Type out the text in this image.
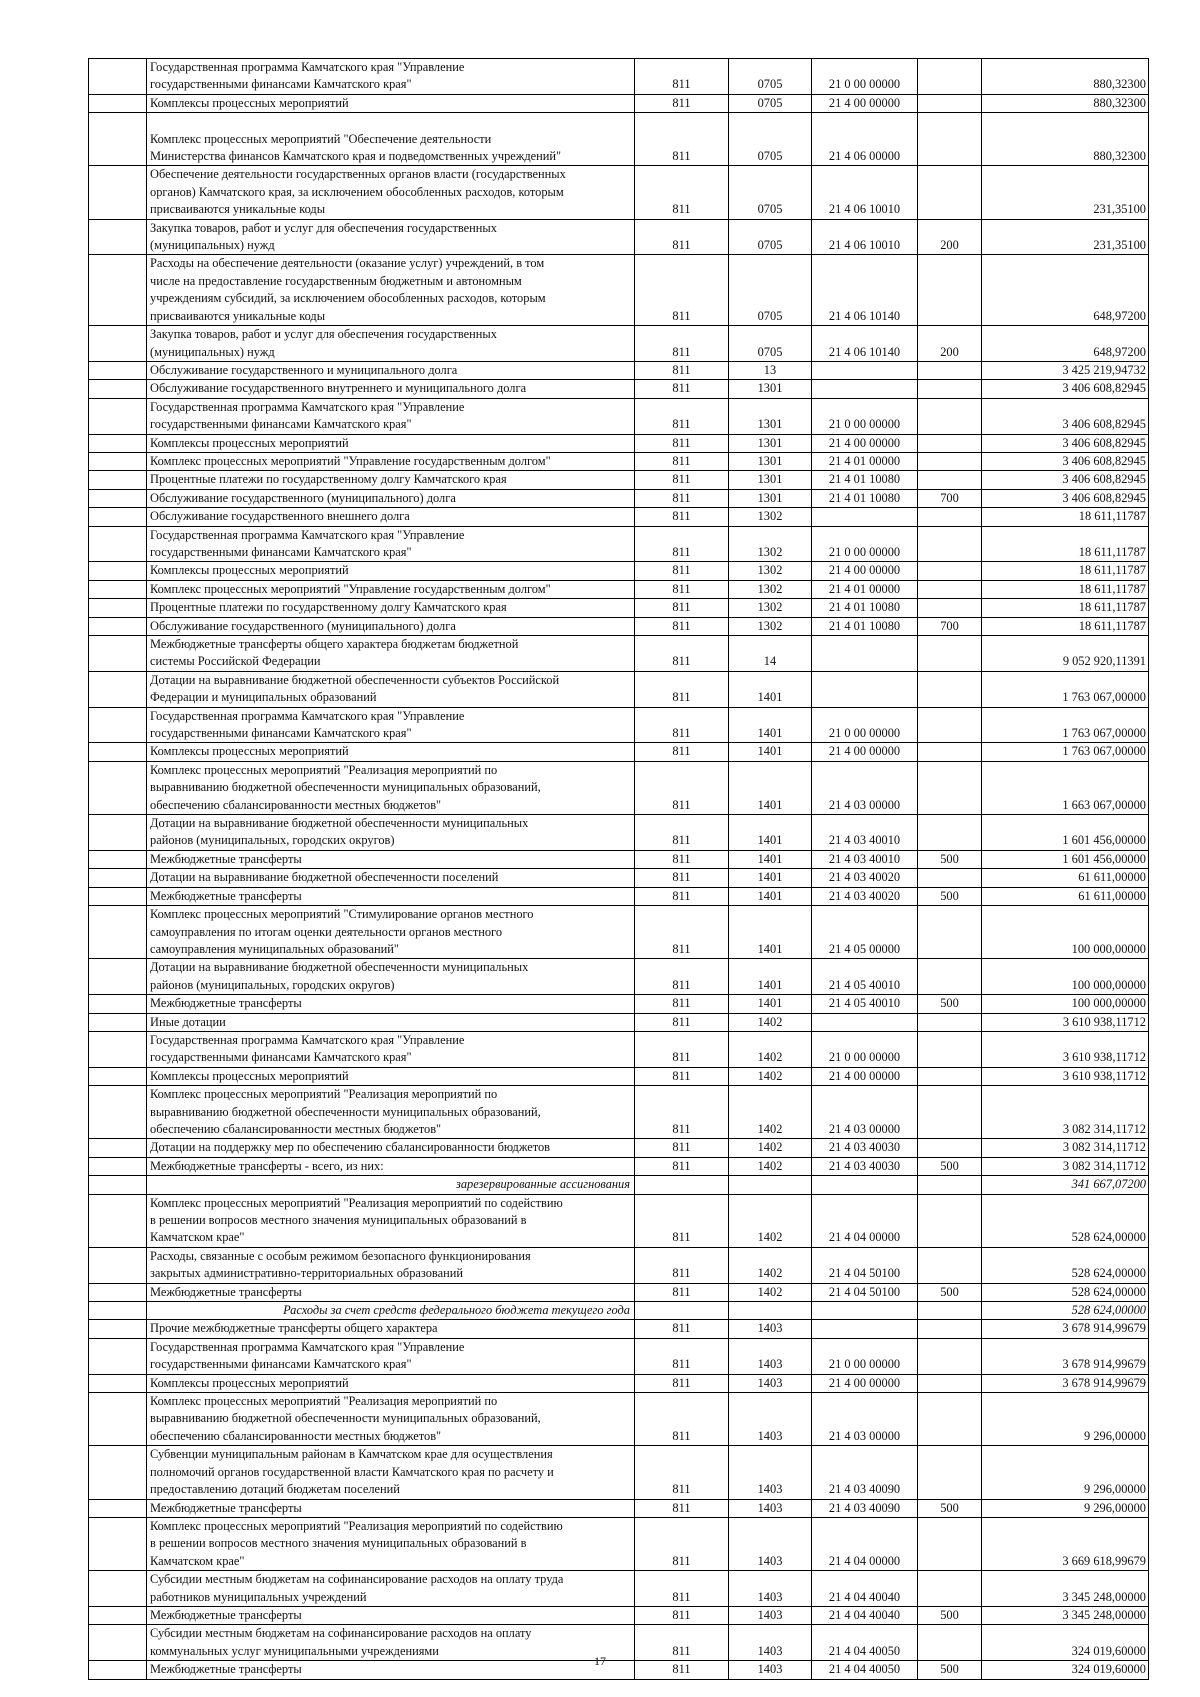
	Государственная программа Камчатского края "Управление
государственными финансами Камчатского края"	811	0705	21 0 00 00000		880,32300
	Комплексы процессных мероприятий	811	0705	21 4 00 00000		880,32300

Комплекс процессных мероприятий "Обеспечение деятельности
Министерства финансов Камчатского края и подведомственных учреждений"	811	0705	21 4 06 00000		880,32300
	Обеспечение деятельности государственных органов власти (государственных
органов) Камчатского края, за исключением обособленных расходов, которым
присваиваются уникальные коды	811	0705	21 4 06 10010		231,35100
	Закупка товаров, работ и услуг для обеспечения государственных
(муниципальных) нужд	811	0705	21 4 06 10010	200	231,35100
	Расходы на обеспечение деятельности (оказание услуг) учреждений, в том
числе на предоставление государственным бюджетным и автономным
учреждениям субсидий, за исключением обособленных расходов, которым
присваиваются уникальные коды	811	0705	21 4 06 10140		648,97200
	Закупка товаров, работ и услуг для обеспечения государственных
(муниципальных) нужд	811	0705	21 4 06 10140	200	648,97200
	Обслуживание государственного и муниципального долга	811	13			3 425 219,94732
	Обслуживание государственного внутреннего и муниципального долга	811	1301			3 406 608,82945
	Государственная программа Камчатского края "Управление
государственными финансами Камчатского края"	811	1301	21 0 00 00000		3 406 608,82945
	Комплексы процессных мероприятий	811	1301	21 4 00 00000		3 406 608,82945
	Комплекс процессных мероприятий "Управление государственным долгом"	811	1301	21 4 01 00000		3 406 608,82945
	Процентные платежи по государственному долгу Камчатского края	811	1301	21 4 01 10080		3 406 608,82945
	Обслуживание государственного (муниципального) долга	811	1301	21 4 01 10080	700	3 406 608,82945
	Обслуживание государственного внешнего долга	811	1302			18 611,11787
	Государственная программа Камчатского края "Управление
государственными финансами Камчатского края"	811	1302	21 0 00 00000		18 611,11787
	Комплексы процессных мероприятий	811	1302	21 4 00 00000		18 611,11787
	Комплекс процессных мероприятий "Управление государственным долгом"	811	1302	21 4 01 00000		18 611,11787
	Процентные платежи по государственному долгу Камчатского края	811	1302	21 4 01 10080		18 611,11787
	Обслуживание государственного (муниципального) долга	811	1302	21 4 01 10080	700	18 611,11787
	Межбюджетные трансферты общего характера бюджетам бюджетной
системы Российской Федерации	811	14			9 052 920,11391
	Дотации на выравнивание бюджетной обеспеченности субъектов Российской
Федерации и муниципальных образований	811	1401			1 763 067,00000
	Государственная программа Камчатского края "Управление
государственными финансами Камчатского края"	811	1401	21 0 00 00000		1 763 067,00000
	Комплексы процессных мероприятий	811	1401	21 4 00 00000		1 763 067,00000
	Комплекс процессных мероприятий "Реализация мероприятий по
выравниванию бюджетной обеспеченности муниципальных образований,
обеспечению сбалансированности местных бюджетов"	811	1401	21 4 03 00000		1 663 067,00000
	Дотации на выравнивание бюджетной обеспеченности муниципальных
районов (муниципальных, городских округов)	811	1401	21 4 03 40010		1 601 456,00000
	Межбюджетные трансферты	811	1401	21 4 03 40010	500	1 601 456,00000
	Дотации на выравнивание бюджетной обеспеченности поселений	811	1401	21 4 03 40020		61 611,00000
	Межбюджетные трансферты	811	1401	21 4 03 40020	500	61 611,00000
	Комплекс процессных мероприятий "Стимулирование органов местного
самоуправления по итогам оценки деятельности органов местного
самоуправления муниципальных образований"	811	1401	21 4 05 00000		100 000,00000
	Дотации на выравнивание бюджетной обеспеченности муниципальных
районов (муниципальных, городских округов)	811	1401	21 4 05 40010		100 000,00000
	Межбюджетные трансферты	811	1401	21 4 05 40010	500	100 000,00000
	Иные дотации	811	1402			3 610 938,11712
	Государственная программа Камчатского края "Управление
государственными финансами Камчатского края"	811	1402	21 0 00 00000		3 610 938,11712
	Комплексы процессных мероприятий	811	1402	21 4 00 00000		3 610 938,11712
	Комплекс процессных мероприятий "Реализация мероприятий по
выравниванию бюджетной обеспеченности муниципальных образований,
обеспечению сбалансированности местных бюджетов"	811	1402	21 4 03 00000		3 082 314,11712
	Дотации на поддержку мер по обеспечению сбалансированности бюджетов	811	1402	21 4 03 40030		3 082 314,11712
	Межбюджетные трансферты - всего, из них:	811	1402	21 4 03 40030	500	3 082 314,11712
	зарезервированные ассигнования					341 667,07200
	Комплекс процессных мероприятий "Реализация мероприятий по содействию
в решении вопросов местного значения муниципальных образований в
Камчатском крае"	811	1402	21 4 04 00000		528 624,00000
	Расходы, связанные с особым режимом безопасного функционирования
закрытых административно-территориальных образований	811	1402	21 4 04 50100		528 624,00000
	Межбюджетные трансферты	811	1402	21 4 04 50100	500	528 624,00000
	Расходы за счет средств федерального бюджета текущего года					528 624,00000
	Прочие межбюджетные трансферты общего характера	811	1403			3 678 914,99679
	Государственная программа Камчатского края "Управление
государственными финансами Камчатского края"	811	1403	21 0 00 00000		3 678 914,99679
	Комплексы процессных мероприятий	811	1403	21 4 00 00000		3 678 914,99679
	Комплекс процессных мероприятий "Реализация мероприятий по
выравниванию бюджетной обеспеченности муниципальных образований,
обеспечению сбалансированности местных бюджетов"	811	1403	21 4 03 00000		9 296,00000
	Субвенции муниципальным районам в Камчатском крае для осуществления
полномочий органов государственной власти Камчатского края по расчету и
предоставлению дотаций бюджетам поселений	811	1403	21 4 03 40090		9 296,00000
	Межбюджетные трансферты	811	1403	21 4 03 40090	500	9 296,00000
	Комплекс процессных мероприятий "Реализация мероприятий по содействию
в решении вопросов местного значения муниципальных образований в
Камчатском крае"	811	1403	21 4 04 00000		3 669 618,99679
	Субсидии местным бюджетам на софинансирование расходов на оплату труда
работников муниципальных учреждений	811	1403	21 4 04 40040		3 345 248,00000
	Межбюджетные трансферты	811	1403	21 4 04 40040	500	3 345 248,00000
	Субсидии местным бюджетам на софинансирование расходов на оплату
коммунальных услуг муниципальными учреждениями	811	1403	21 4 04 40050		324 019,60000
	Межбюджетные трансферты	811	1403	21 4 04 40050	500	324 019,60000
17
